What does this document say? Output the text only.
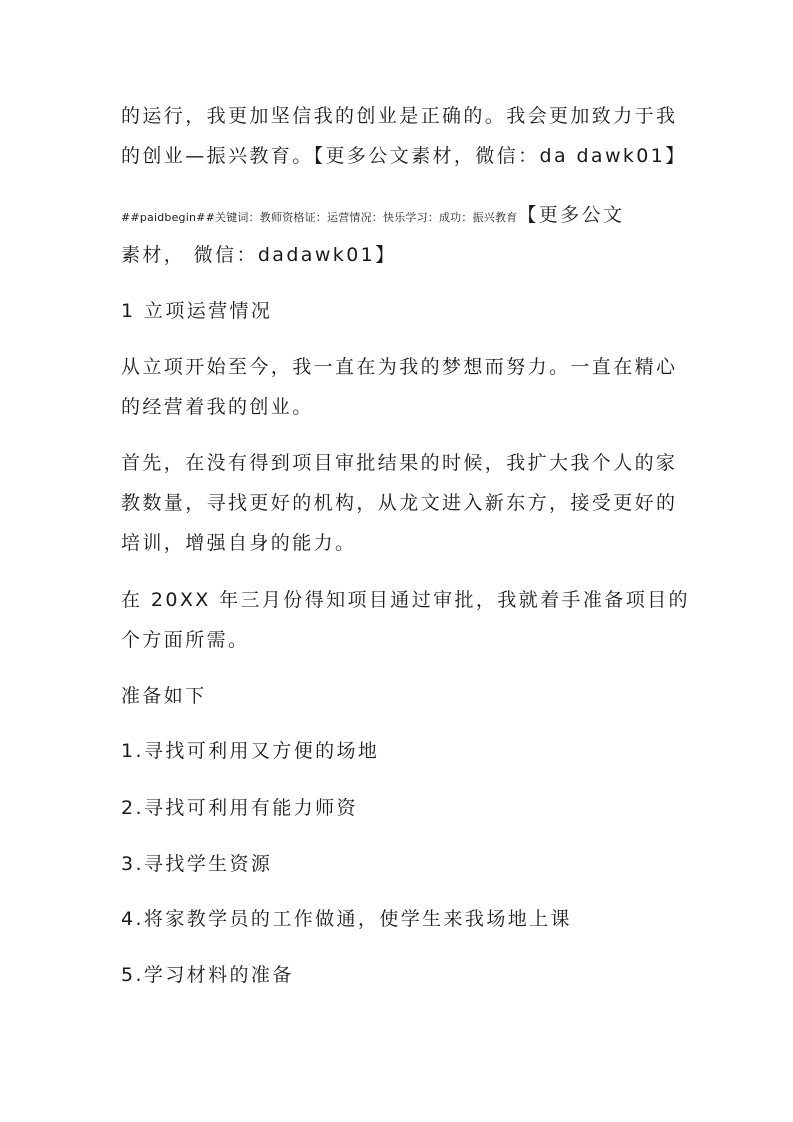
的运行，我更加坚信我的创业是正确的。我会更加致力于我
的创业—振兴教育。【更多公文素材，微信：da dawk01】
##paidbegin##关键词：教师资格证：运营情况：快乐学习：成功：振兴教育【更多公文
素材， 微信：dadawk01】
1 立项运营情况
从立项开始至今，我一直在为我的梦想而努力。一直在精心
的经营着我的创业。
首先，在没有得到项目审批结果的时候，我扩大我个人的家
教数量，寻找更好的机构，从龙文进入新东方，接受更好的
培训，增强自身的能力。
在 20XX 年三月份得知项目通过审批，我就着手准备项目的
个方面所需。
准备如下
1.寻找可利用又方便的场地
2.寻找可利用有能力师资
3.寻找学生资源
4.将家教学员的工作做通，使学生来我场地上课
5.学习材料的准备
